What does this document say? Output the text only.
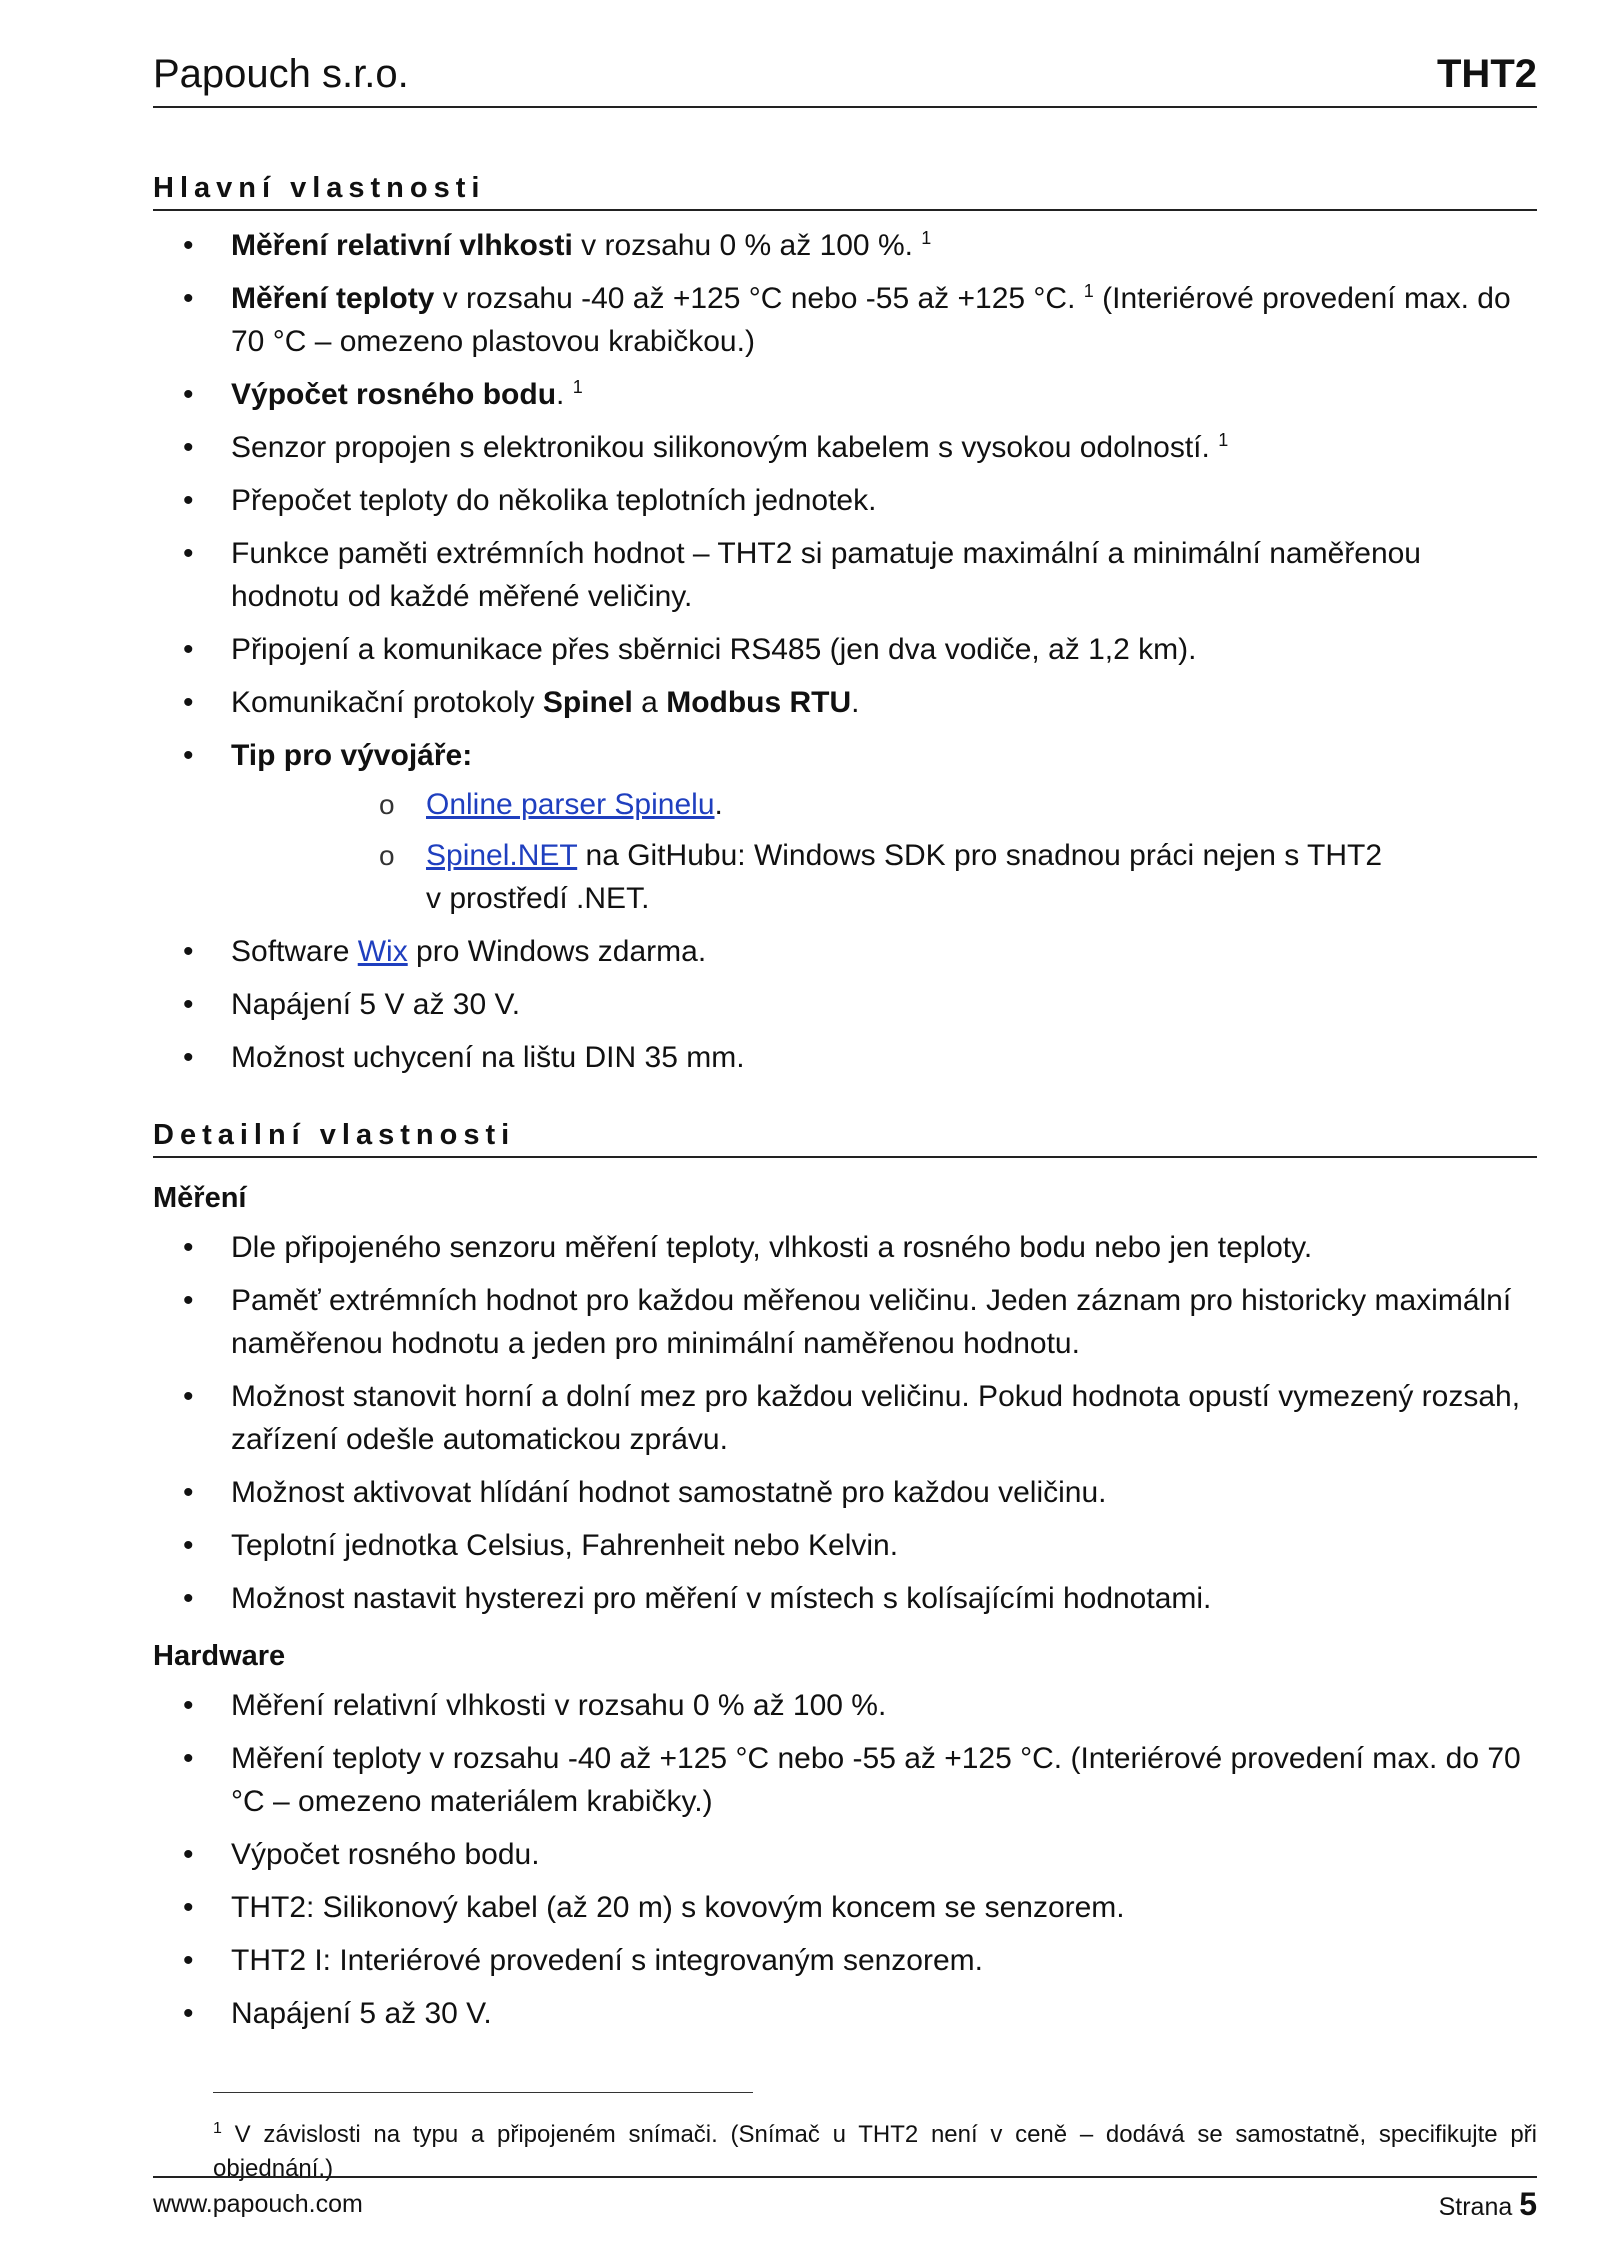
Papouch s.r.o.	THT2
Hlavní vlastnosti
• Měření relativní vlhkosti v rozsahu 0 % až 100 %. $^1$
• Měření teploty v rozsahu -40 až +125 °C nebo -55 až +125 °C. $^1$ (Interiérové provedení max. do 70 °C – omezeno plastovou krabičkou.)
• Výpočet rosného bodu. $^1$
• Senzor propojen s elektronikou silikonovým kabelem s vysokou odolností. $^1$
• Přepočet teploty do několika teplotních jednotek.
• Funkce paměti extrémních hodnot – THT2 si pamatuje maximální a minimální naměřenou hodnotu od každé měřené veličiny.
• Připojení a komunikace přes sběrnici RS485 (jen dva vodiče, až 1,2 km).
• Komunikační protokoly Spinel a Modbus RTU.
• Tip pro vývojáře:
o Online parser Spinelu.
o Spinel.NET na GitHubu: Windows SDK pro snadnou práci nejen s THT2
v prostředí .NET.
• Software Wix pro Windows zdarma.
• Napájení 5 V až 30 V.
• Možnost uchycení na lištu DIN 35 mm.
Detailní vlastnosti
Měření
• Dle připojeného senzoru měření teploty, vlhkosti a rosného bodu nebo jen teploty.
• Paměť extrémních hodnot pro každou měřenou veličinu. Jeden záznam pro historicky maximální naměřenou hodnotu a jeden pro minimální naměřenou hodnotu.
• Možnost stanovit horní a dolní mez pro každou veličinu. Pokud hodnota opustí vymezený rozsah, zařízení odešle automatickou zprávu.
• Možnost aktivovat hlídání hodnot samostatně pro každou veličinu.
• Teplotní jednotka Celsius, Fahrenheit nebo Kelvin.
• Možnost nastavit hysterezi pro měření v místech s kolísajícími hodnotami.
Hardware
• Měření relativní vlhkosti v rozsahu 0 % až 100 %.
• Měření teploty v rozsahu -40 až +125 °C nebo -55 až +125 °C. (Interiérové provedení max. do 70 °C – omezeno materiálem krabičky.)
• Výpočet rosného bodu.
• THT2: Silikonový kabel (až 20 m) s kovovým koncem se senzorem.
• THT2 I: Interiérové provedení s integrovaným senzorem.
• Napájení 5 až 30 V.
$^1$ V závislosti na typu a připojeném snímači. (Snímač u THT2 není v ceně – dodává se samostatně, specifikujte při objednání.)
www.papouch.com	Strana 5
